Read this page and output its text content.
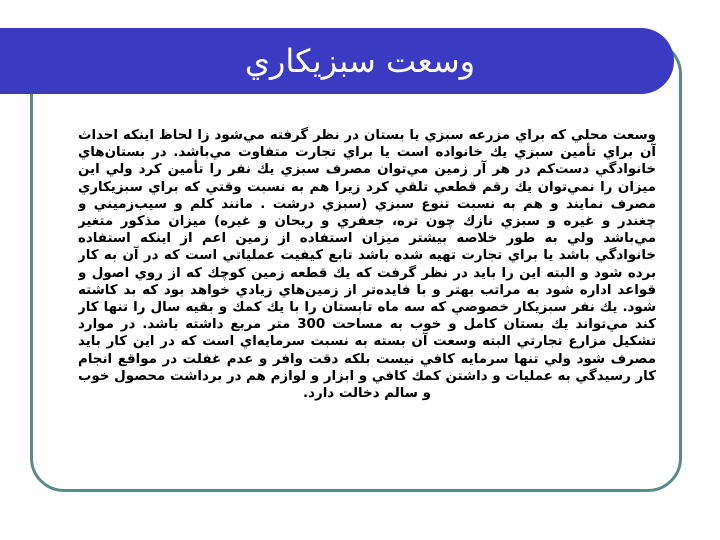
وسعت سبزيكاري
وسعت محلي كه براي مزرعه سبزي يا بستان در نظر گرفته مي‌شود زا لحاظ اينكه احداث آن براي تأمين سبزي يك خانواده است يا براي تجارت متفاوت مي‌باشد. در بستان‌هاي خانوادگي دست‌كم در هر آر زمين مي‌توان مصرف سبزي يك نفر را تأمين كرد ولي اين ميزان را نمي‌توان يك رقم قطعي تلقي كرد زيرا هم به نسبت وقتي كه براي سبزيكاري مصرف نمايند و هم به نسبت تنوع سبزي (سبزي درشت . مانند كلم و سيب‌زميني و چغندر و غيره و سبزي نازك چون تره، جعفري و ريحان و غيره) ميزان مذكور متغير مي‌باشد ولي به طور خلاصه بيشتر ميزان استفاده از زمين اعم از اينكه استفاده خانوادگي باشد يا براي تجارت تهيه شده باشد تابع كيفيت عملياتي است كه در آن به كار برده شود و البته اين را بايد در نظر گرفت كه يك قطعه زمين كوچك كه از روي اصول و قواعد اداره شود به مراتب بهتر و با فايده‌تر از زمين‌هاي زيادي خواهد بود كه بد كاشته شود. يك نفر سبزيكار خصوصي كه سه ماه تابستان را با يك كمك و بقيه سال را تنها كار كند مي‌تواند يك بستان كامل و خوب به مساحت 300 متر مربع داشته باشد. در موارد تشكيل مزارع تجارتي البته وسعت آن بسته به نسبت سرمايه‌اي است كه در اين كار بايد مصرف شود ولي تنها سرمايه كافي نيست بلكه دقت وافر و عدم غفلت در مواقع انجام كار رسيدگي به عمليات و داشتن كمك كافي و ابزار و لوازم هم در برداشت محصول خوب و سالم دخالت دارد.
